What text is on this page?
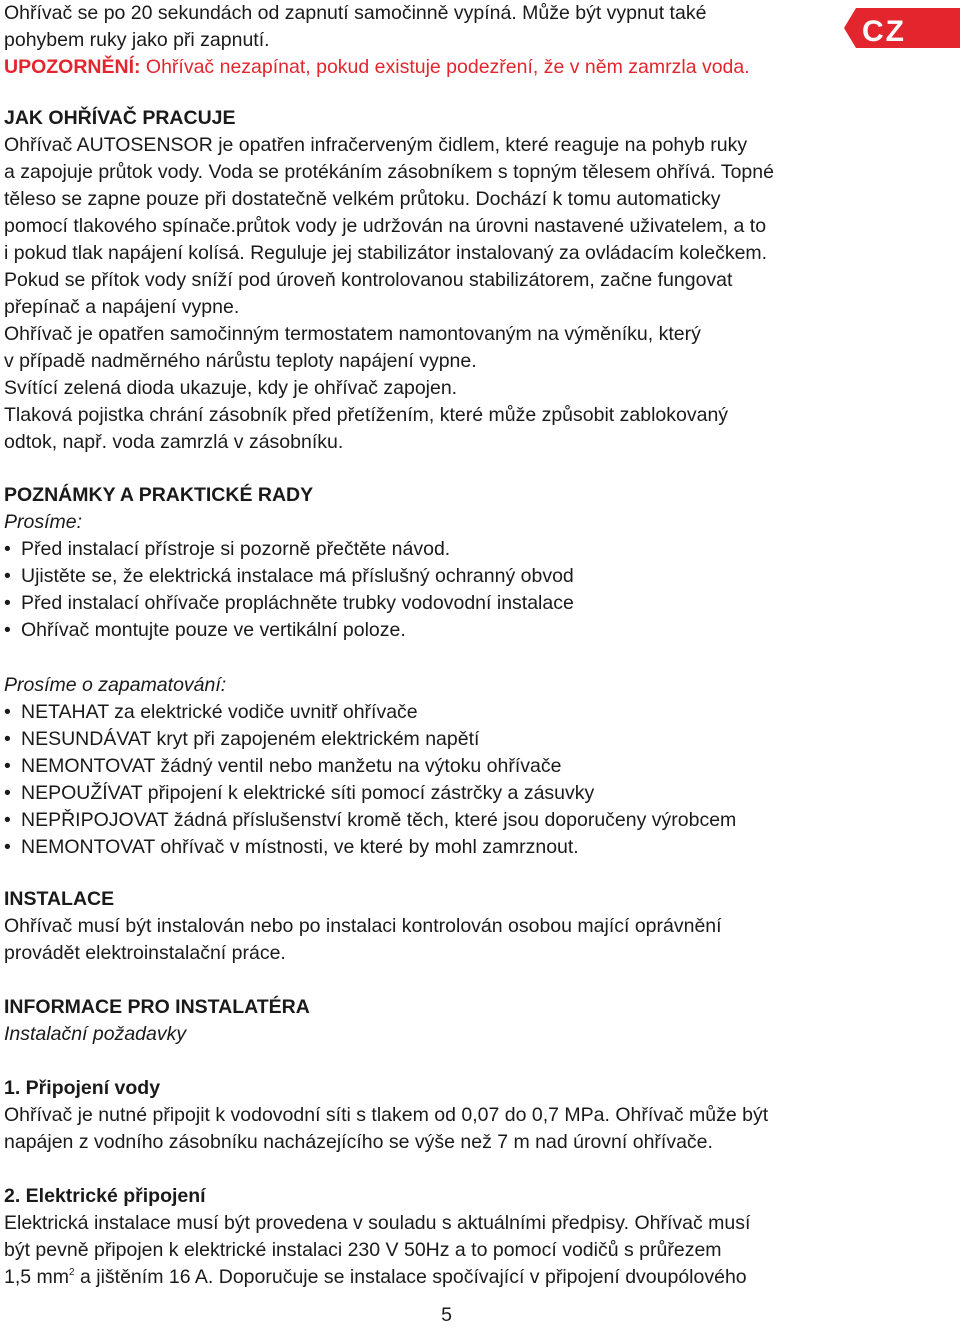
CZ

Ohřívač se po 20 sekundách od zapnutí samočinně vypíná. Může být vypnut také

pohybem ruky jako při zapnutí.

UPOZORNĚNÍ: Ohřívač nezapínat, pokud existuje podezření, že v něm zamrzla voda.

JAK OHŘÍVAČ PRACUJE

Ohřívač AUTOSENSOR je opatřen infračerveným čidlem, které reaguje na pohyb ruky

a zapojuje průtok vody. Voda se protékáním zásobníkem s topným tělesem ohřívá. Topné

těleso se zapne pouze při dostatečně velkém průtoku. Dochází k tomu automaticky

pomocí tlakového spínače.průtok vody je udržován na úrovni nastavené uživatelem, a to

i pokud tlak napájení kolísá. Reguluje jej stabilizátor instalovaný za ovládacím kolečkem.

Pokud se přítok vody sníží pod úroveň kontrolovanou stabilizátorem, začne fungovat

přepínač a napájení vypne.

Ohřívač je opatřen samočinným termostatem namontovaným na výměníku, který

v případě nadměrného nárůstu teploty napájení vypne.

Svítící zelená dioda ukazuje, kdy je ohřívač zapojen.

Tlaková pojistka chrání zásobník před přetížením, které může způsobit zablokovaný

odtok, např. voda zamrzlá v zásobníku.

POZNÁMKY A PRAKTICKÉ RADY

Prosíme:

• Před instalací přístroje si pozorně přečtěte návod.
• Ujistěte se, že elektrická instalace má příslušný ochranný obvod
• Před instalací ohřívače propláchněte trubky vodovodní instalace
• Ohřívač montujte pouze ve vertikální poloze.

Prosíme o zapamatování:

• NETAHAT za elektrické vodiče uvnitř ohřívače
• NESUNDÁVAT kryt při zapojeném elektrickém napětí
• NEMONTOVAT žádný ventil nebo manžetu na výtoku ohřívače
• NEPOUŽÍVAT připojení k elektrické síti pomocí zástrčky a zásuvky
• NEPŘIPOJOVAT žádná příslušenství kromě těch, které jsou doporučeny výrobcem
• NEMONTOVAT ohřívač v místnosti, ve které by mohl zamrznout.

INSTALACE

Ohřívač musí být instalován nebo po instalaci kontrolován osobou mající oprávnění

provádět elektroinstalační práce.

INFORMACE PRO INSTALATÉRA

Instalační požadavky

1. Připojení vody

Ohřívač je nutné připojit k vodovodní síti s tlakem od 0,07 do 0,7 MPa. Ohřívač může být

napájen z vodního zásobníku nacházejícího se výše než 7 m nad úrovní ohřívače.

2. Elektrické připojení

Elektrická instalace musí být provedena v souladu s aktuálními předpisy. Ohřívač musí

být pevně připojen k elektrické instalaci 230 V 50Hz a to pomocí vodičů s průřezem

1,5 $mm^2$ a jištěním 16 A. Doporučuje se instalace spočívající v připojení dvoupólového

5
